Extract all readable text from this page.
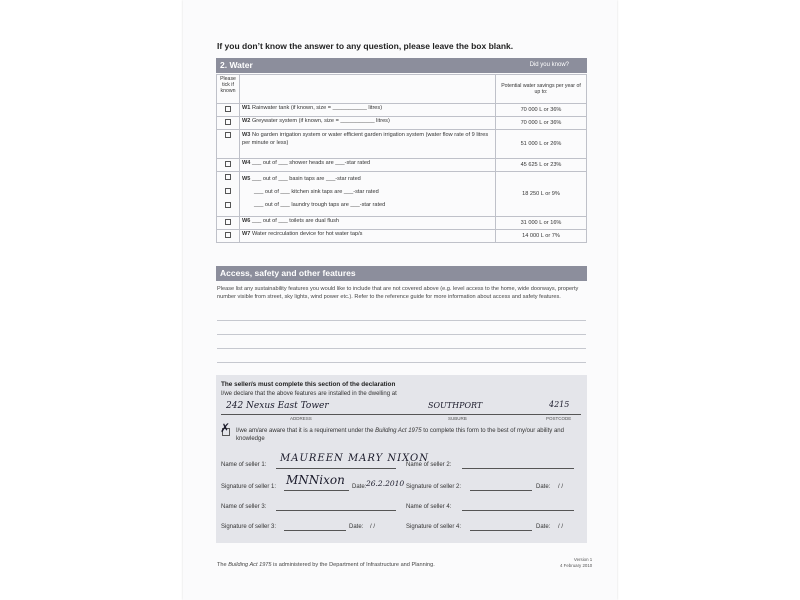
If you don’t know the answer to any question, please leave the box blank.
2. Water	Did you know?
Please tick if known		Potential water savings per year of up to:
	W1 Rainwater tank (if known, size = ___________ litres)	70 000 L or 36%
	W2 Greywater system (if known, size = ___________ litres)	70 000 L or 36%
	W3 No garden irrigation system or water efficient garden irrigation system (water flow rate of 9 litres per minute or less)	51 000 L or 26%
	W4 ___ out of ___ shower heads are ___-star rated	45 625 L or 23%

	W5 ___ out of ___ basin taps are ___-star rated
___ out of ___ kitchen sink taps are ___-star rated
___ out of ___ laundry trough taps are ___-star rated	18 250 L or 9%
	W6 ___ out of ___ toilets are dual flush	31 000 L or 16%
	W7 Water recirculation device for hot water tap/s	14 000 L or 7%
Access, safety and other features
Please list any sustainability features you would like to include that are not covered above (e.g. level access to the home, wide doorways, property number visible from street, sky lights, wind power etc.). Refer to the reference guide for more information about access and safety features.
The seller/s must complete this section of the declaration
I/we declare that the above features are installed in the dwelling at
242 Nexus East Tower	SOUTHPORT	4215
ADDRESS	SUBURB	POSTCODE
✗ I/we am/are aware that it is a requirement under the Building Act 1975 to complete this form to the best of my/our ability and knowledge
Name of seller 1:
MAUREEN MARY NIXON
Name of seller 2:
Signature of seller 1: MNNixon Date: 26.2.2010 Signature of seller 2:	Date: / /
Name of seller 3:	Name of seller 4:
Signature of seller 3:	Date: / /	Signature of seller 4:	Date: / /
The Building Act 1975 is administered by the Department of Infrastructure and Planning.
Version 1
4 February 2010
